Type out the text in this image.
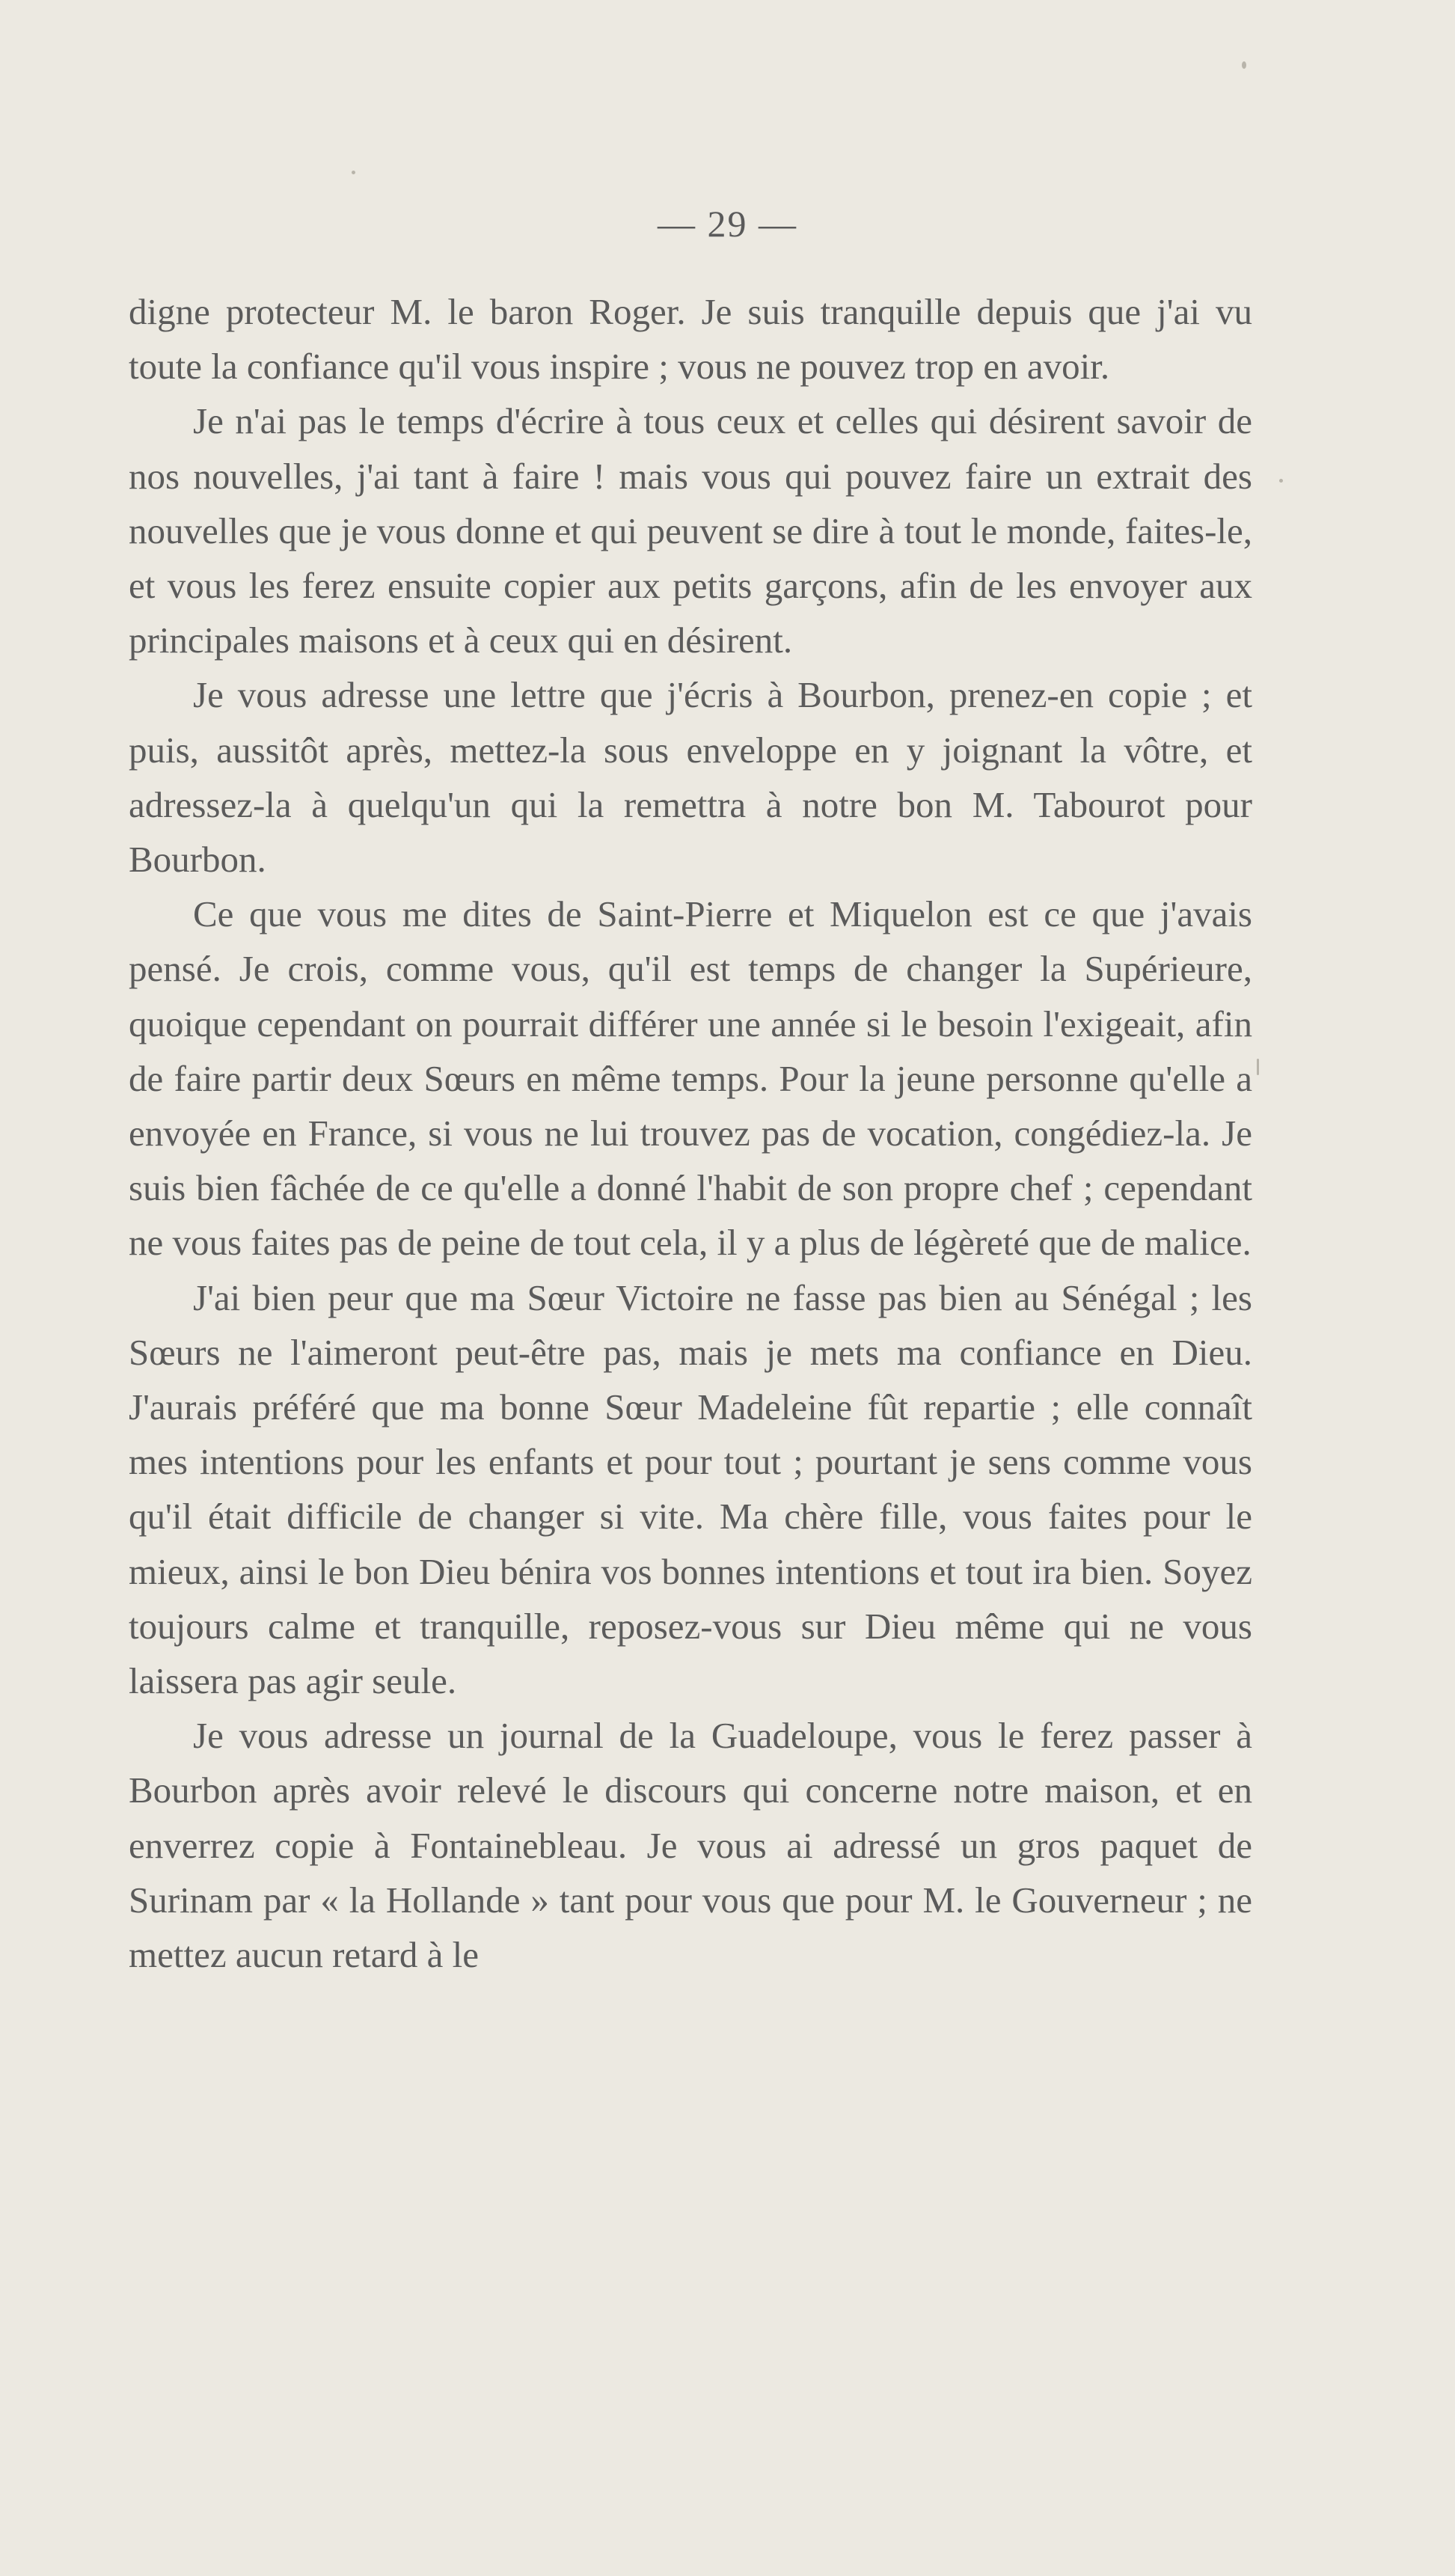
— 29 —

digne protecteur M. le baron Roger. Je suis tranquille depuis que j'ai vu toute la confiance qu'il vous inspire ; vous ne pouvez trop en avoir.

Je n'ai pas le temps d'écrire à tous ceux et celles qui désirent savoir de nos nouvelles, j'ai tant à faire ! mais vous qui pouvez faire un extrait des nouvelles que je vous donne et qui peuvent se dire à tout le monde, faites-le, et vous les ferez ensuite copier aux petits garçons, afin de les envoyer aux principales maisons et à ceux qui en désirent.

Je vous adresse une lettre que j'écris à Bourbon, prenez-en copie ; et puis, aussitôt après, mettez-la sous enveloppe en y joignant la vôtre, et adressez-la à quelqu'un qui la remettra à notre bon M. Tabourot pour Bourbon.

Ce que vous me dites de Saint-Pierre et Miquelon est ce que j'avais pensé. Je crois, comme vous, qu'il est temps de changer la Supérieure, quoique cependant on pourrait différer une année si le besoin l'exigeait, afin de faire partir deux Sœurs en même temps. Pour la jeune personne qu'elle a envoyée en France, si vous ne lui trouvez pas de vocation, congédiez-la. Je suis bien fâchée de ce qu'elle a donné l'habit de son propre chef ; cependant ne vous faites pas de peine de tout cela, il y a plus de légèreté que de malice.

J'ai bien peur que ma Sœur Victoire ne fasse pas bien au Sénégal ; les Sœurs ne l'aimeront peut-être pas, mais je mets ma confiance en Dieu. J'aurais préféré que ma bonne Sœur Madeleine fût repartie ; elle connaît mes intentions pour les enfants et pour tout ; pourtant je sens comme vous qu'il était difficile de changer si vite. Ma chère fille, vous faites pour le mieux, ainsi le bon Dieu bénira vos bonnes intentions et tout ira bien. Soyez toujours calme et tranquille, reposez-vous sur Dieu même qui ne vous laissera pas agir seule.

Je vous adresse un journal de la Guadeloupe, vous le ferez passer à Bourbon après avoir relevé le discours qui concerne notre maison, et en enverrez copie à Fontainebleau. Je vous ai adressé un gros paquet de Surinam par « la Hollande » tant pour vous que pour M. le Gouverneur ; ne mettez aucun retard à le
